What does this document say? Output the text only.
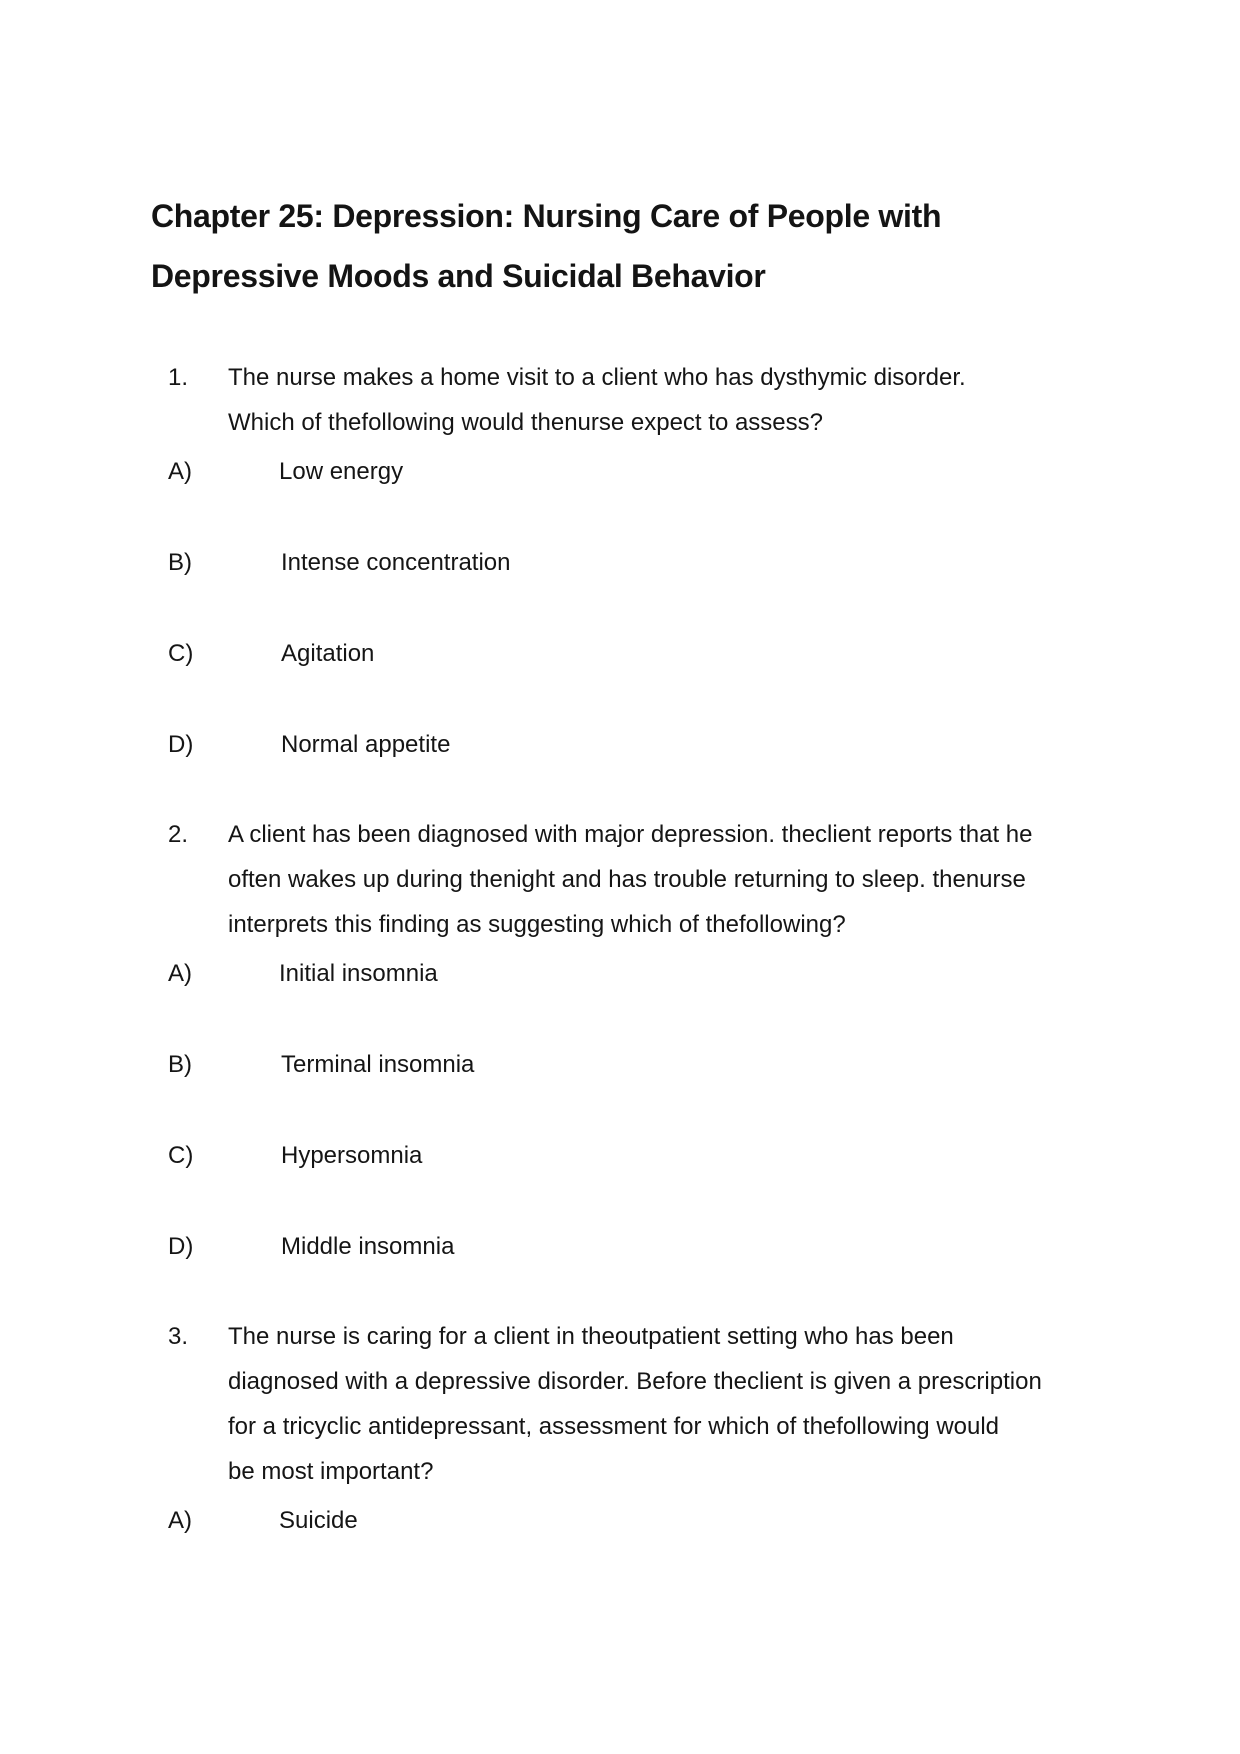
Chapter 25: Depression: Nursing Care of People with
Depressive Moods and Suicidal Behavior
1. The nurse makes a home visit to a client who has dysthymic disorder.
Which of thefollowing would thenurse expect to assess?
A)	Low energy
B)	Intense concentration
C)	Agitation
D)	Normal appetite
2. A client has been diagnosed with major depression. theclient reports that he
often wakes up during thenight and has trouble returning to sleep. thenurse
interprets this finding as suggesting which of thefollowing?
A)	Initial insomnia
B)	Terminal insomnia
C)	Hypersomnia
D)	Middle insomnia
3. The nurse is caring for a client in theoutpatient setting who has been
diagnosed with a depressive disorder. Before theclient is given a prescription
for a tricyclic antidepressant, assessment for which of thefollowing would
be most important?
A)	Suicide
